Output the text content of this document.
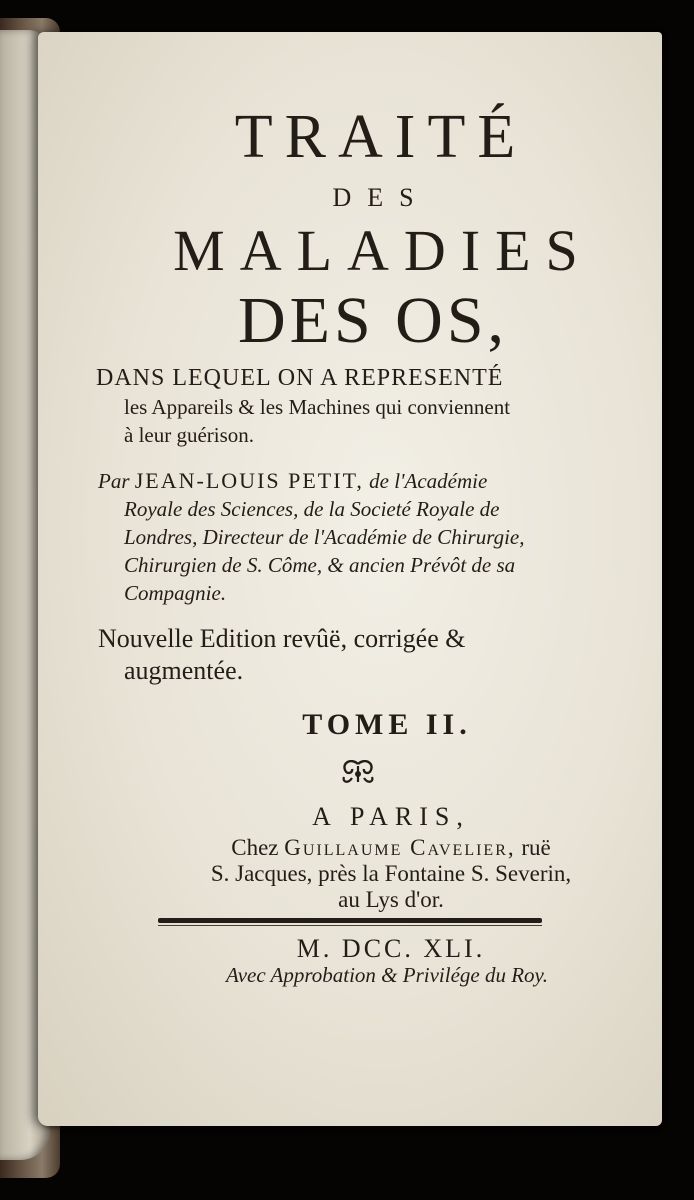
TRAITÉ
DES
MALADIES
DES OS,
DANS LEQUEL ON A REPRESENTÉ
les Appareils & les Machines qui conviennent
à leur guérison.
Par JEAN-LOUIS PETIT, de l'Académie
Royale des Sciences, de la Societé Royale de
Londres, Directeur de l'Académie de Chirurgie,
Chirurgien de S. Côme, & ancien Prévôt de sa
Compagnie.
Nouvelle Edition revûë, corrigée &
augmentée.
TOME II.
A PARIS,
Chez Guillaume Cavelier, ruë
S. Jacques, près la Fontaine S. Severin,
au Lys d'or.
M. DCC. XLI.
Avec Approbation & Privilége du Roy.
